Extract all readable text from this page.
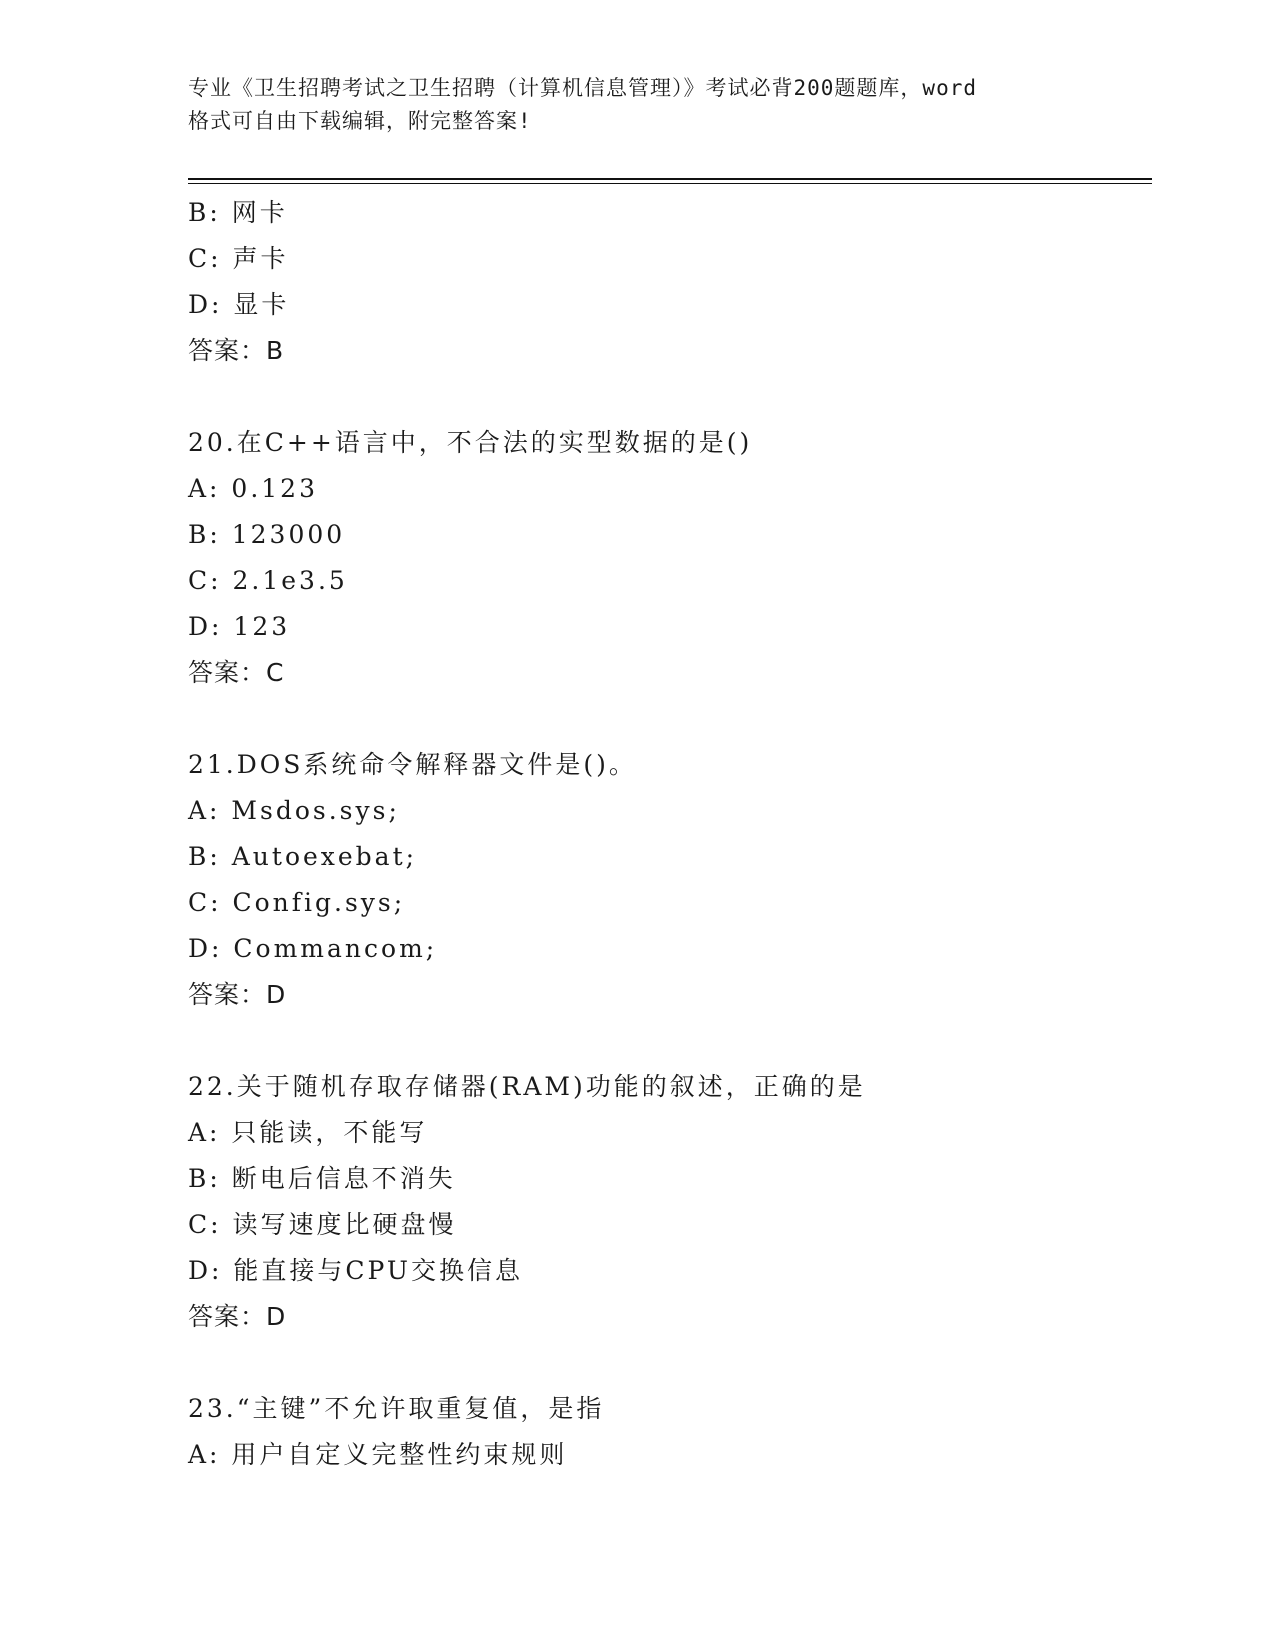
专业《卫生招聘考试之卫生招聘（计算机信息管理）》考试必背200题题库，word
格式可自由下载编辑，附完整答案!
B: 网卡
C: 声卡
D: 显卡
答案：B
20.在C++语言中，不合法的实型数据的是()
A: 0.123
B: 123000
C: 2.1e3.5
D: 123
答案：C
21.DOS系统命令解释器文件是()。
A: Msdos.sys;
B: Autoexebat;
C: Config.sys;
D: Commancom;
答案：D
22.关于随机存取存储器(RAM)功能的叙述，正确的是
A: 只能读，不能写
B: 断电后信息不消失
C: 读写速度比硬盘慢
D: 能直接与CPU交换信息
答案：D
23.“主键”不允许取重复值，是指
A: 用户自定义完整性约束规则
